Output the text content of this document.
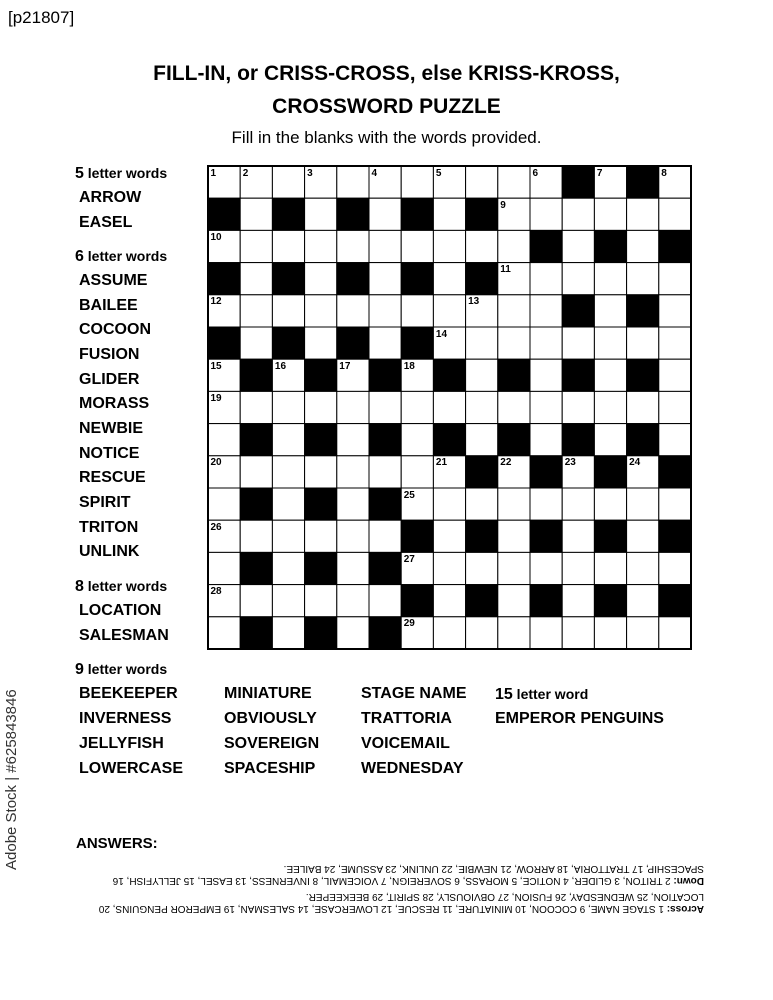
[p21807]
FILL-IN, or CRISS-CROSS, else KRISS-KROSS,
CROSSWORD PUZZLE
Fill in the blanks with the words provided.
5 letter words
ARROW
EASEL
6 letter words
ASSUME
BAILEE
COCOON
FUSION
GLIDER
MORASS
NEWBIE
NOTICE
RESCUE
SPIRIT
TRITON
UNLINK
8 letter words
LOCATION
SALESMAN
9 letter words
BEEKEEPER
INVERNESS
JELLYFISH
LOWERCASE
MINIATURE
OBVIOUSLY
SOVEREIGN
SPACESHIP
STAGE NAME
TRATTORIA
VOICEMAIL
WEDNESDAY
15 letter word
EMPEROR PENGUINS
1	2	3	4	5	6	7	8
9
10
11
12	13
14
15	16	17	18
19
20	21	22	23	24
25
26
27
28
29
ANSWERS:

Across: 1 STAGE NAME, 9 COCOON, 10 MINIATURE, 11 RESCUE, 12 LOWERCASE, 14 SALESMAN, 19 EMPEROR PENGUINS, 20 LOCATION, 25 WEDNESDAY, 26 FUSION, 27 OBVIOUSLY, 28 SPIRIT, 29 BEEKEEPER.

Down: 2 TRITON, 3 GLIDER, 4 NOTICE, 5 MORASS, 6 SOVEREIGN, 7 VOICEMAIL, 8 INVERNESS, 13 EASEL, 15 JELLYFISH, 16 SPACESHIP, 17 TRATTORIA, 18 ARROW, 21 NEWBIE, 22 UNLINK, 23 ASSUME, 24 BAILEE.

Adobe Stock | #625843846
